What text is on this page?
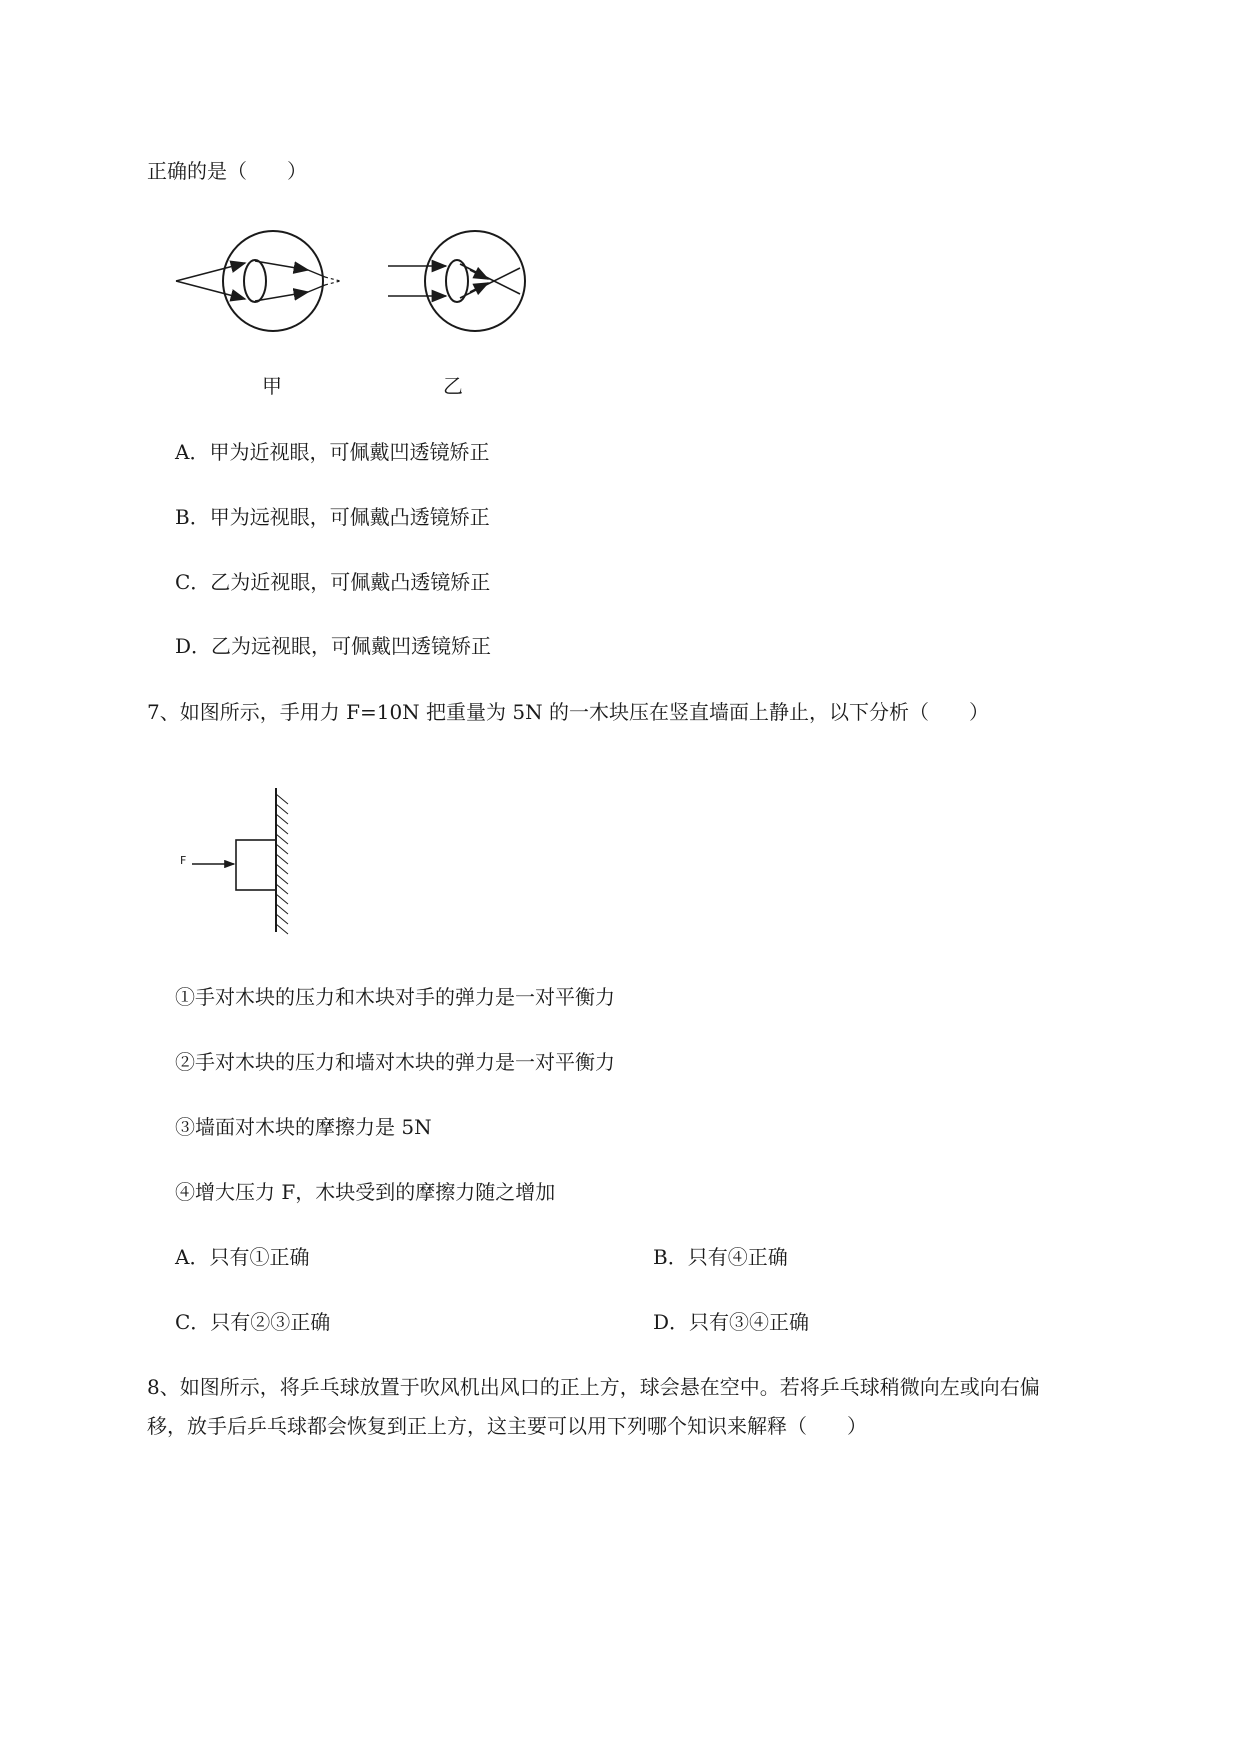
正确的是（　　）
甲	乙
A．甲为近视眼，可佩戴凹透镜矫正
B．甲为远视眼，可佩戴凸透镜矫正
C．乙为近视眼，可佩戴凸透镜矫正
D．乙为远视眼，可佩戴凹透镜矫正
7、如图所示，手用力 F=10N 把重量为 5N 的一木块压在竖直墙面上静止，以下分析（　　）
F
①手对木块的压力和木块对手的弹力是一对平衡力
②手对木块的压力和墙对木块的弹力是一对平衡力
③墙面对木块的摩擦力是 5N
④增大压力 F，木块受到的摩擦力随之增加
A．只有①正确	B．只有④正确
C．只有②③正确	D．只有③④正确
8、如图所示，将乒乓球放置于吹风机出风口的正上方，球会悬在空中。若将乒乓球稍微向左或向右偏
移，放手后乒乓球都会恢复到正上方，这主要可以用下列哪个知识来解释（　　）
